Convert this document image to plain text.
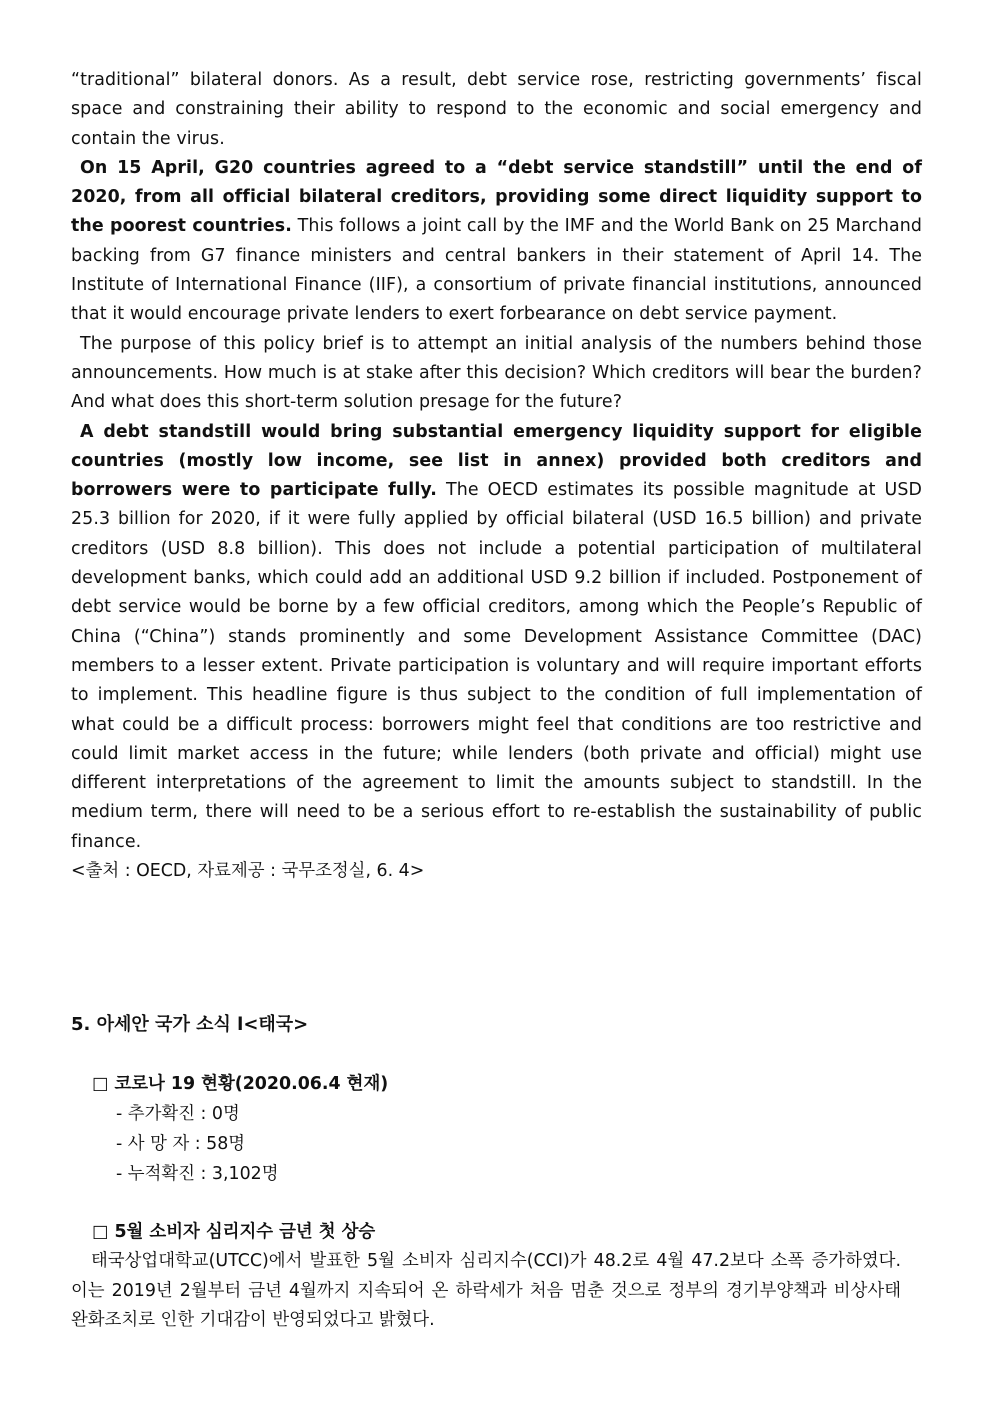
“traditional” bilateral donors. As a result, debt service rose, restricting governments’ fiscal space and constraining their ability to respond to the economic and social emergency and contain the virus.

On 15 April, G20 countries agreed to a “debt service standstill” until the end of 2020, from all official bilateral creditors, providing some direct liquidity support to the poorest countries. This follows a joint call by the IMF and the World Bank on 25 Marchand backing from G7 finance ministers and central bankers in their statement of April 14. The Institute of International Finance (IIF), a consortium of private financial institutions, announced that it would encourage private lenders to exert forbearance on debt service payment.

The purpose of this policy brief is to attempt an initial analysis of the numbers behind those announcements. How much is at stake after this decision? Which creditors will bear the burden? And what does this short-term solution presage for the future?

A debt standstill would bring substantial emergency liquidity support for eligible countries (mostly low income, see list in annex) provided both creditors and borrowers were to participate fully. The OECD estimates its possible magnitude at USD 25.3 billion for 2020, if it were fully applied by official bilateral (USD 16.5 billion) and private creditors (USD 8.8 billion). This does not include a potential participation of multilateral development banks, which could add an additional USD 9.2 billion if included. Postponement of debt service would be borne by a few official creditors, among which the People’s Republic of China (“China”) stands prominently and some Development Assistance Committee (DAC) members to a lesser extent. Private participation is voluntary and will require important efforts to implement. This headline figure is thus subject to the condition of full implementation of what could be a difficult process: borrowers might feel that conditions are too restrictive and could limit market access in the future; while lenders (both private and official) might use different interpretations of the agreement to limit the amounts subject to standstill. In the medium term, there will need to be a serious effort to re-establish the sustainability of public finance.

<출처 : OECD, 자료제공 : 국무조정실, 6. 4>

5. 아세안 국가 소식 l<태국>

□ 코로나 19 현황(2020.06.4 현재)

- 추가확진 : 0명
- 사 망 자 : 58명
- 누적확진 : 3,102명

□ 5월 소비자 심리지수 금년 첫 상승

태국상업대학교(UTCC)에서 발표한 5월 소비자 심리지수(CCI)가 48.2로 4월 47.2보다 소폭 증가하였다. 이는 2019년 2월부터 금년 4월까지 지속되어 온 하락세가 처음 멈춘 것으로 정부의 경기부양책과 비상사태 완화조치로 인한 기대감이 반영되었다고 밝혔다.
